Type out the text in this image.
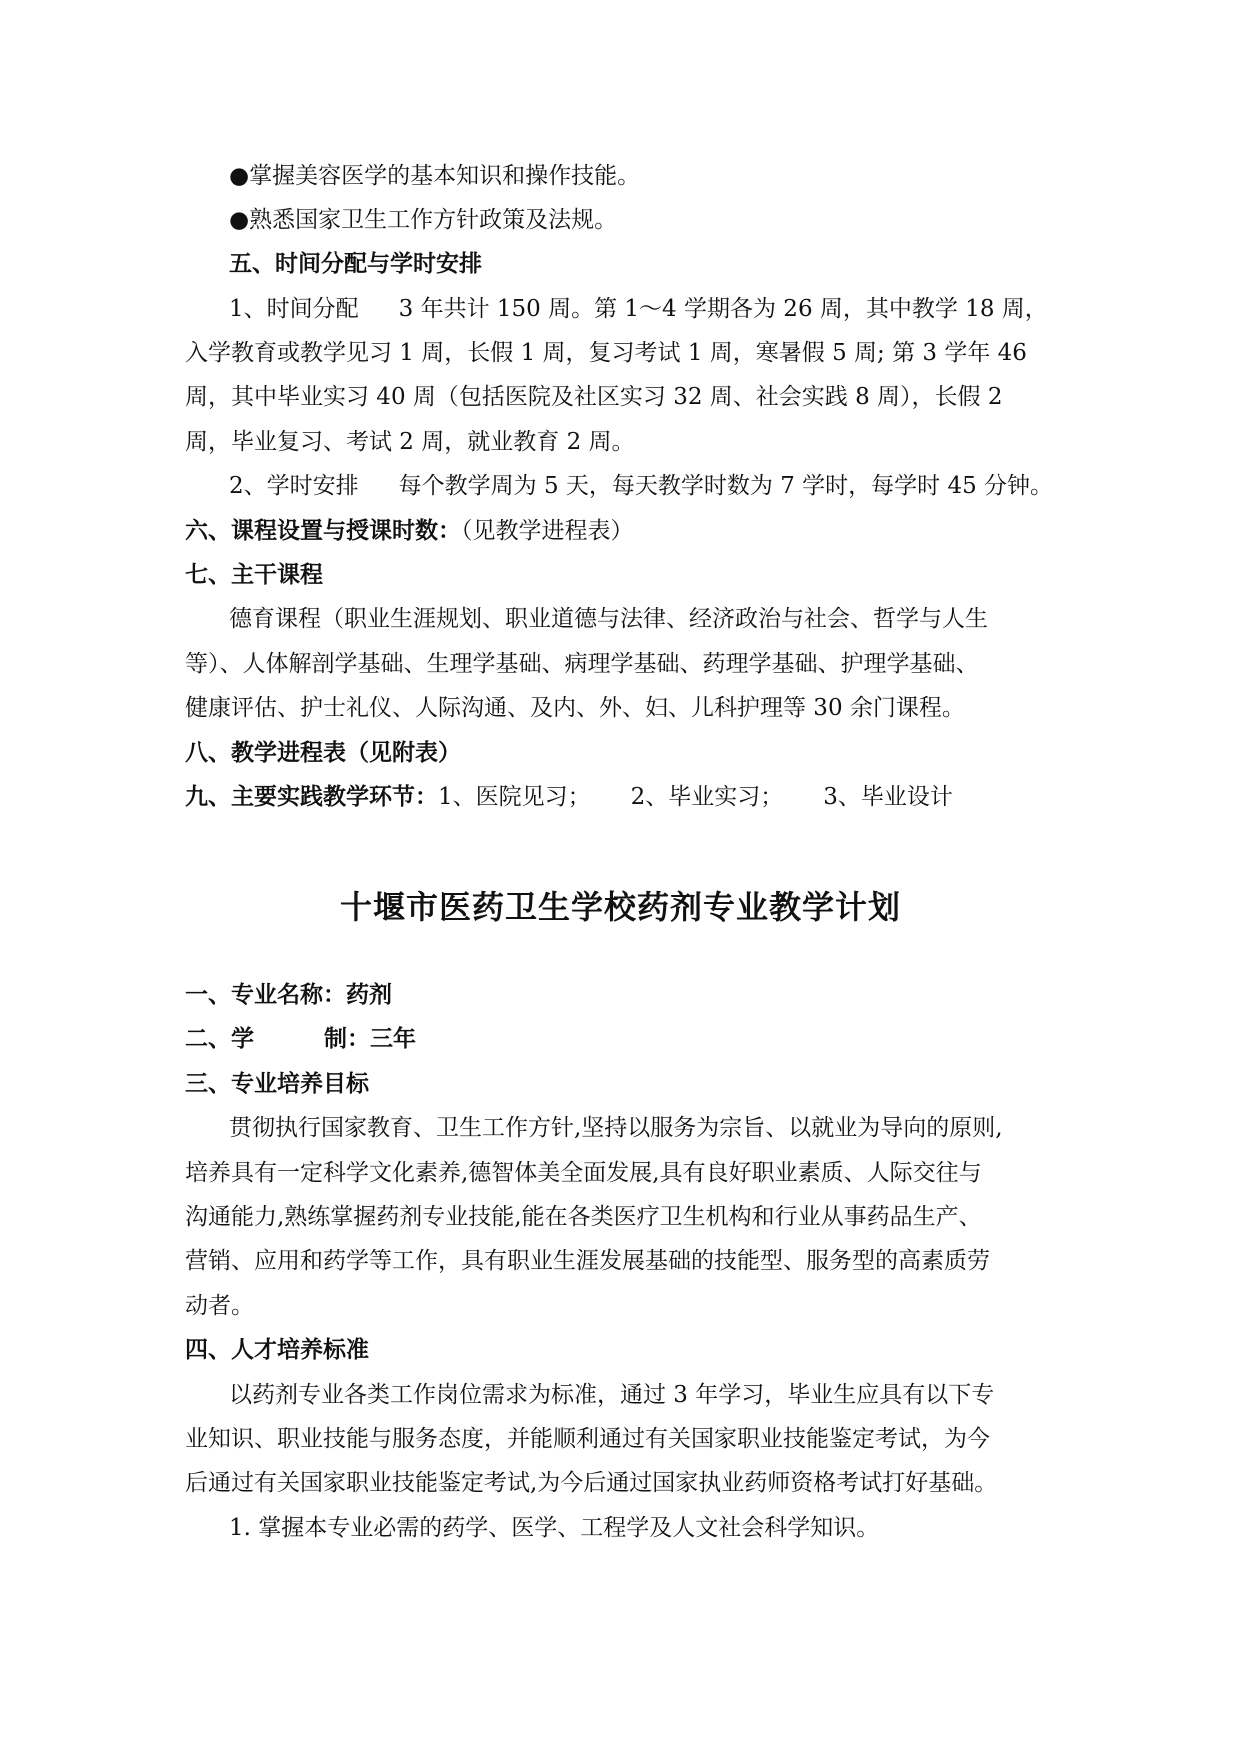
●掌握美容医学的基本知识和操作技能。
●熟悉国家卫生工作方针政策及法规。
五、时间分配与学时安排
1、时间分配 3 年共计 150 周。第 1～4 学期各为 26 周，其中教学 18 周，
入学教育或教学见习 1 周，长假 1 周，复习考试 1 周，寒暑假 5 周; 第 3 学年 46
周，其中毕业实习 40 周（包括医院及社区实习 32 周、社会实践 8 周），长假 2
周，毕业复习、考试 2 周，就业教育 2 周。
2、学时安排 每个教学周为 5 天，每天教学时数为 7 学时，每学时 45 分钟。
六、课程设置与授课时数：（见教学进程表）
七、主干课程
德育课程（职业生涯规划、职业道德与法律、经济政治与社会、哲学与人生
等）、人体解剖学基础、生理学基础、病理学基础、药理学基础、护理学基础、
健康评估、护士礼仪、人际沟通、及内、外、妇、儿科护理等 30 余门课程。
八、教学进程表（见附表）
九、主要实践教学环节：1、医院见习； 2、毕业实习； 3、毕业设计
十堰市医药卫生学校药剂专业教学计划
一、专业名称：药剂
二、学	制：三年
三、专业培养目标
贯彻执行国家教育、卫生工作方针,坚持以服务为宗旨、以就业为导向的原则,
培养具有一定科学文化素养,德智体美全面发展,具有良好职业素质、人际交往与
沟通能力,熟练掌握药剂专业技能,能在各类医疗卫生机构和行业从事药品生产、
营销、应用和药学等工作，具有职业生涯发展基础的技能型、服务型的高素质劳
动者。
四、人才培养标准
以药剂专业各类工作岗位需求为标准，通过 3 年学习，毕业生应具有以下专
业知识、职业技能与服务态度，并能顺利通过有关国家职业技能鉴定考试，为今
后通过有关国家职业技能鉴定考试,为今后通过国家执业药师资格考试打好基础。
1. 掌握本专业必需的药学、医学、工程学及人文社会科学知识。
